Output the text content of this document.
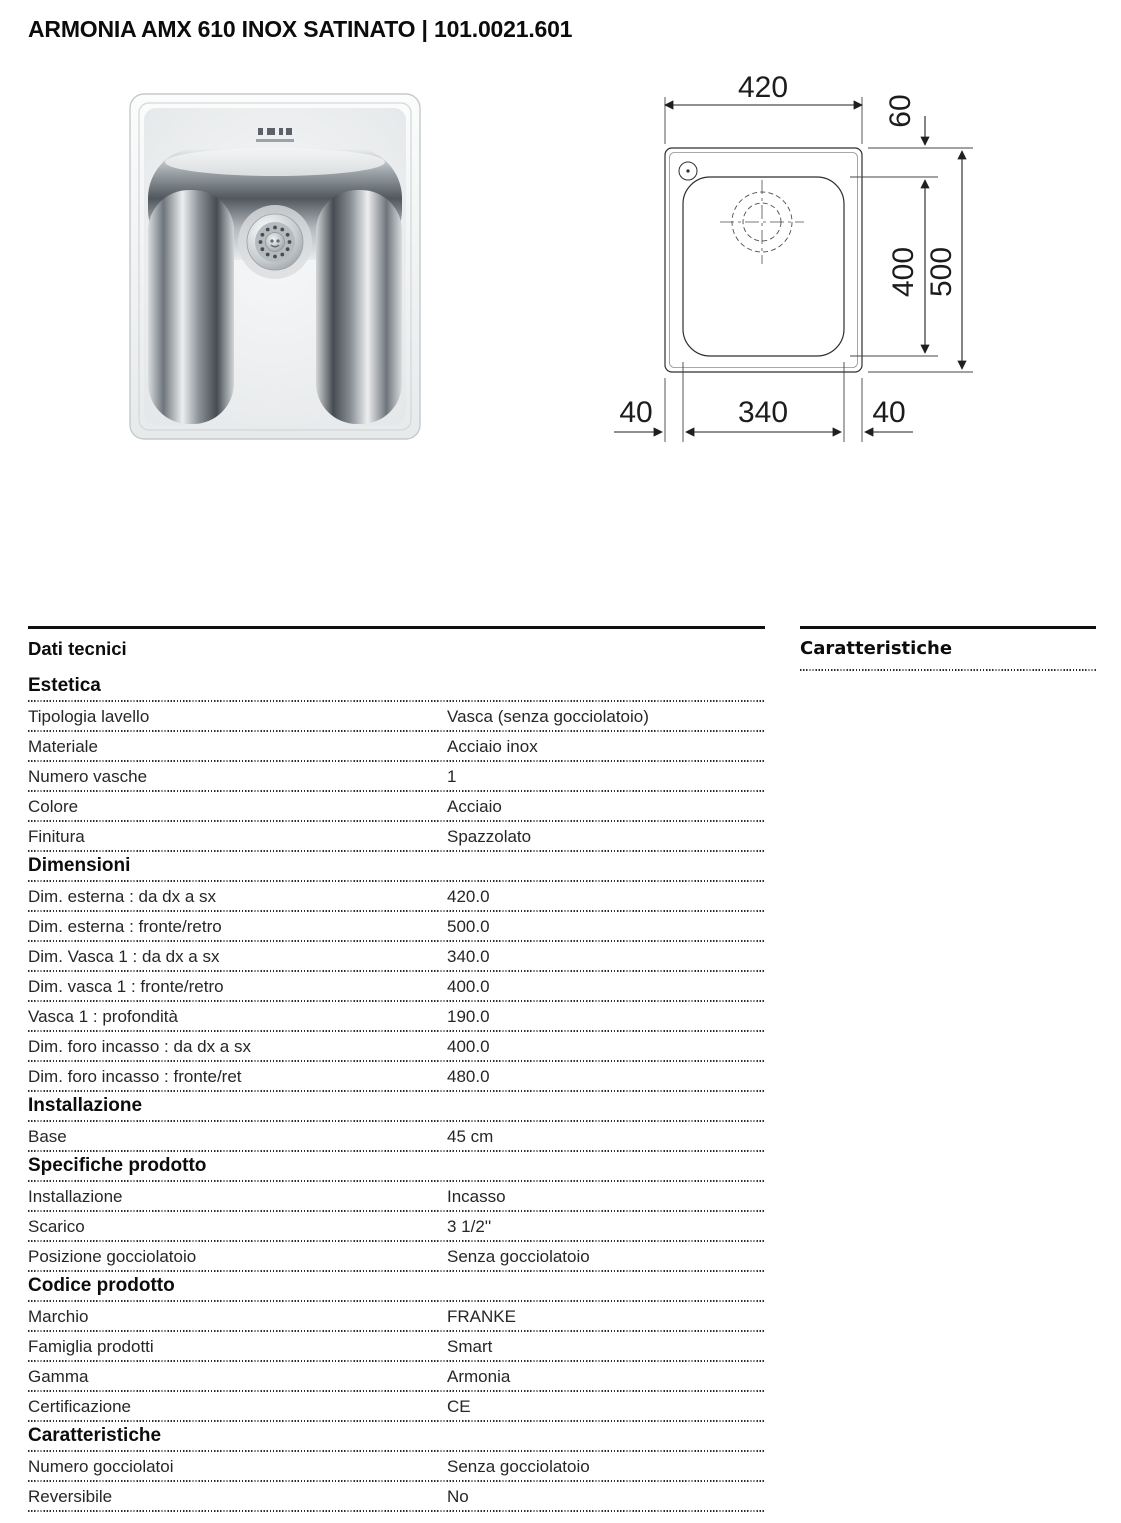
ARMONIA AMX 610 INOX SATINATO | 101.0021.601
420
60
400 500
40	340	40
Dati tecnici
Estetica
Tipologia lavello	Vasca (senza gocciolatoio)
Materiale	Acciaio inox
Numero vasche	1
Colore	Acciaio
Finitura	Spazzolato
Dimensioni
Dim. esterna : da dx a sx	420.0
Dim. esterna : fronte/retro	500.0
Dim. Vasca 1 : da dx a sx	340.0
Dim. vasca 1 : fronte/retro	400.0
Vasca 1 : profondità	190.0
Dim. foro incasso : da dx a sx	400.0
Dim. foro incasso : fronte/ret	480.0
Installazione
Base	45 cm
Specifiche prodotto
Installazione	Incasso
Scarico	3 1/2''
Posizione gocciolatoio	Senza gocciolatoio
Codice prodotto
Marchio	FRANKE
Famiglia prodotti	Smart
Gamma	Armonia
Certificazione	CE
Caratteristiche
Numero gocciolatoi	Senza gocciolatoio
Reversibile	No
Caratteristiche
